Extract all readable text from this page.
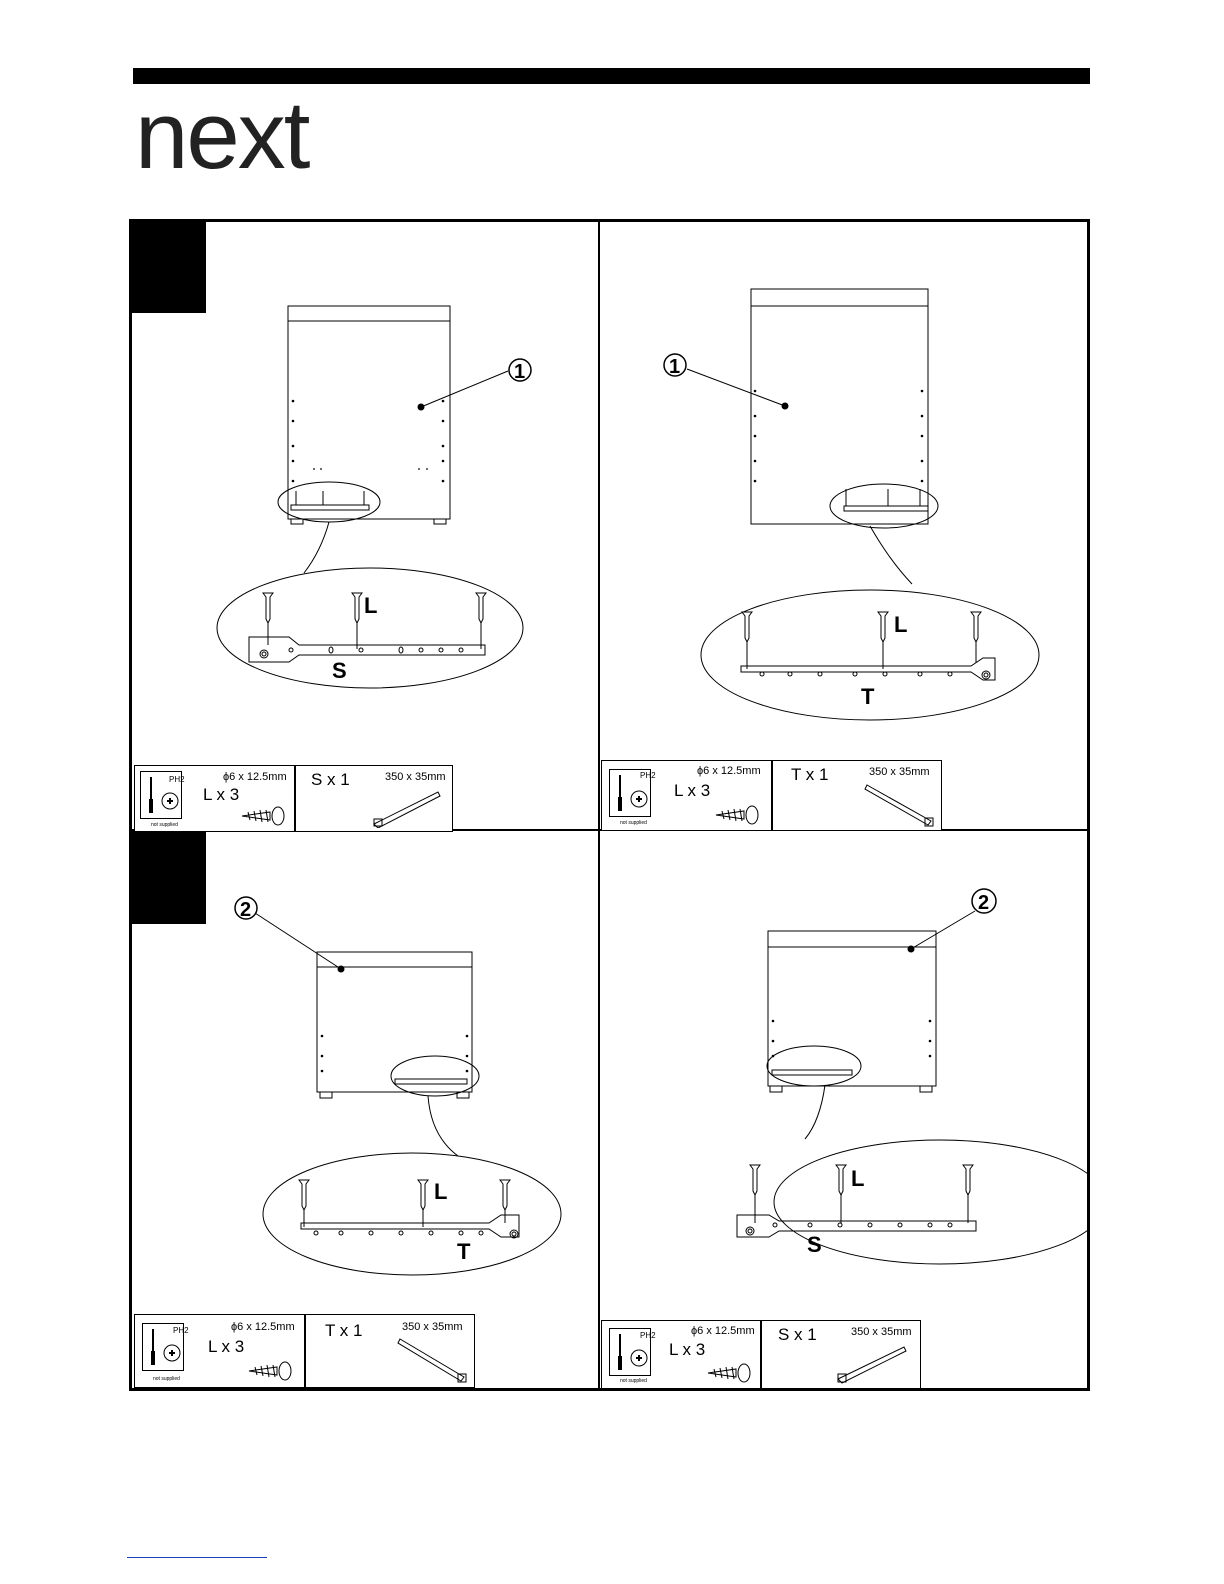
next
1
L
S
PH2
not supplied
ϕ6 x 12.5mm
L x 3
S x 1	350 x 35mm
1
L
T
PH2
not supplied
ϕ6 x 12.5mm
L x 3
T x 1	350 x 35mm
2
L
T
PH2
not supplied
ϕ6 x 12.5mm
L x 3
T x 1	350 x 35mm
2
L
S
PH2
not supplied
ϕ6 x 12.5mm
L x 3
S x 1	350 x 35mm
